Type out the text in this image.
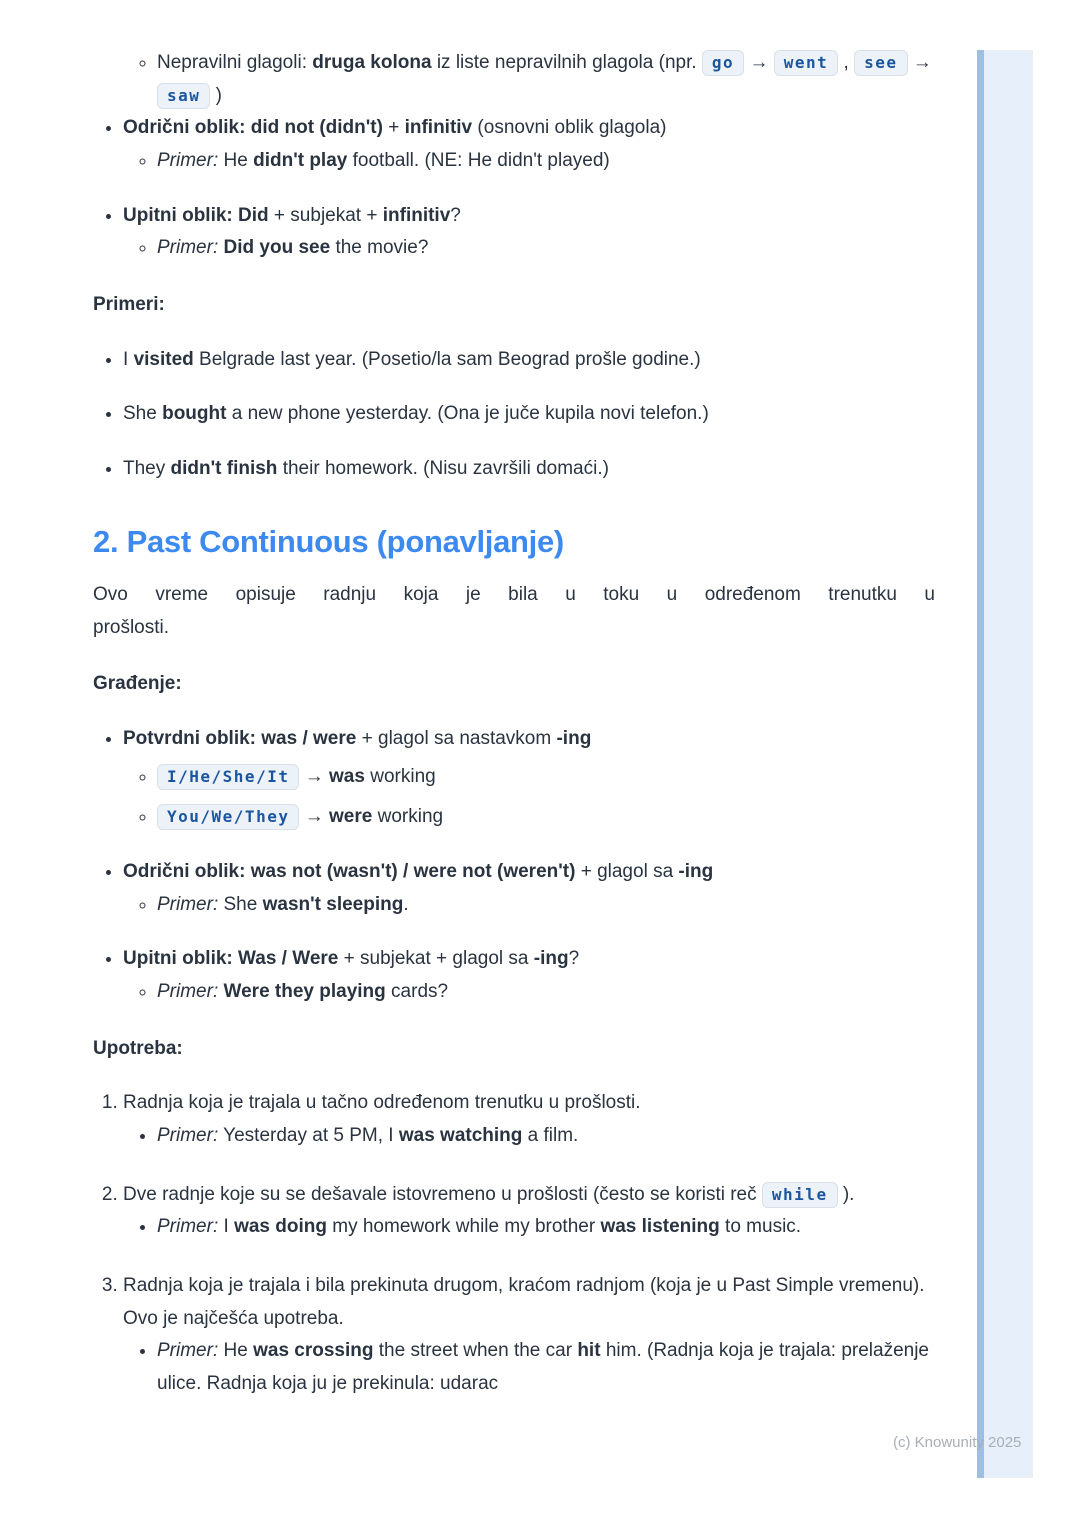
◦ Nepravilni glagoli: druga kolona iz liste nepravilnih glagola (npr. go → went , see → saw )
• Odrični oblik: did not (didn't) + infinitiv (osnovni oblik glagola)
◦ Primer: He didn't play football. (NE: He didn't played)
• Upitni oblik: Did + subjekat + infinitiv?
◦ Primer: Did you see the movie?

Primeri:

• I visited Belgrade last year. (Posetio/la sam Beograd prošle godine.)
• She bought a new phone yesterday. (Ona je juče kupila novi telefon.)
• They didn't finish their homework. (Nisu završili domaći.)
2. Past Continuous (ponavljanje)

Ovo vreme opisuje radnju koja je bila u toku u određenom trenutku u
prošlosti.

Građenje:

• Potvrdni oblik: was / were + glagol sa nastavkom -ing
◦ I/He/She/It → was working
◦ You/We/They → were working
• Odrični oblik: was not (wasn't) / were not (weren't) + glagol sa -ing
◦ Primer: She wasn't sleeping.
• Upitni oblik: Was / Were + subjekat + glagol sa -ing?
◦ Primer: Were they playing cards?

Upotreba:

1. Radnja koja je trajala u tačno određenom trenutku u prošlosti.
• Primer: Yesterday at 5 PM, I was watching a film.
2. Dve radnje koje su se dešavale istovremeno u prošlosti (često se koristi reč while ).
• Primer: I was doing my homework while my brother was listening to music.
3. Radnja koja je trajala i bila prekinuta drugom, kraćom radnjom (koja je u Past Simple vremenu). Ovo je najčešća upotreba.
• Primer: He was crossing the street when the car hit him. (Radnja koja je trajala: prelaženje ulice. Radnja koja ju je prekinula: udarac
(c) Knowunity 2025
